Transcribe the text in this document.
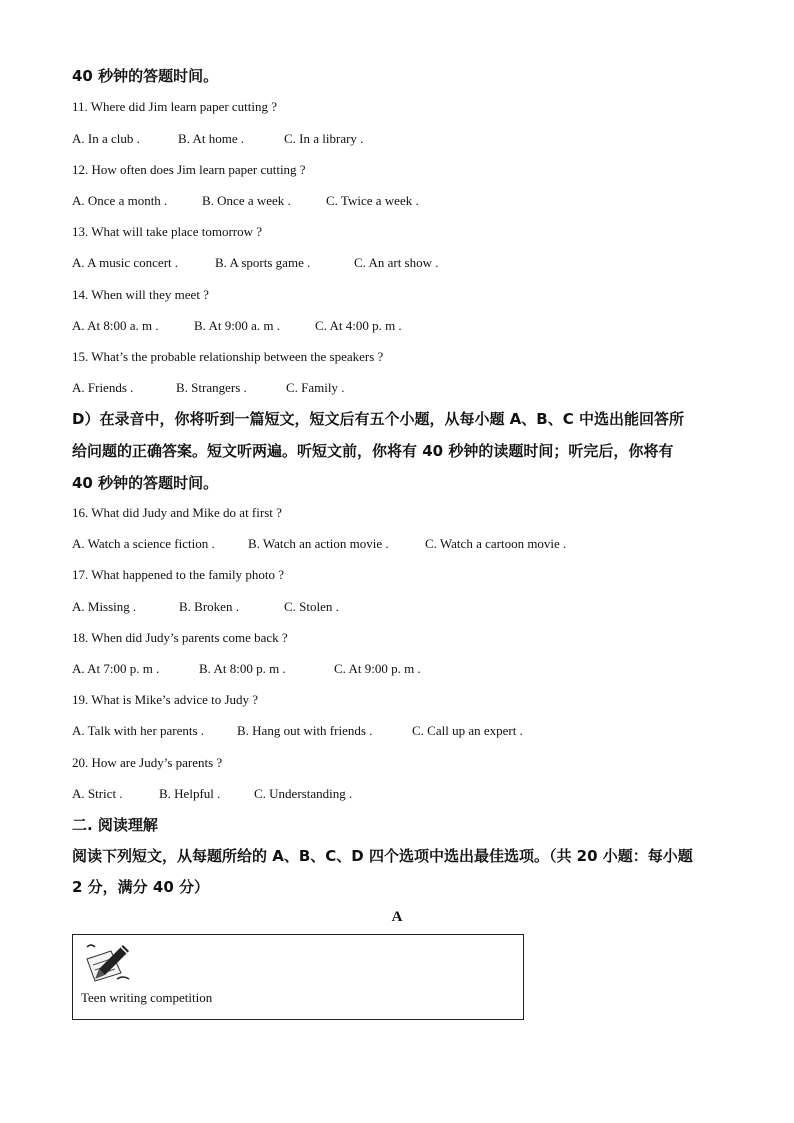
40 秒钟的答题时间。
11. Where did Jim learn paper cutting ?
A. In a club .	B. At home .	C. In a library .
12. How often does Jim learn paper cutting ?
A. Once a month .	B. Once a week .	C. Twice a week .
13. What will take place tomorrow ?
A. A music concert .	B. A sports game .	C. An art show .
14. When will they meet ?
A. At 8:00 a. m .	B. At 9:00 a. m .	C. At 4:00 p. m .
15. What’s the probable relationship between the speakers ?
A. Friends .	B. Strangers .	C. Family .
D）在录音中，你将听到一篇短文，短文后有五个小题，从每小题 A、B、C 中选出能回答所
给问题的正确答案。短文听两遍。听短文前，你将有 40 秒钟的读题时间；听完后，你将有
40 秒钟的答题时间。
16. What did Judy and Mike do at first ?
A. Watch a science fiction .	B. Watch an action movie .	C. Watch a cartoon movie .
17. What happened to the family photo ?
A. Missing .	B. Broken .	C. Stolen .
18. When did Judy’s parents come back ?
A. At 7:00 p. m .	B. At 8:00 p. m .	C. At 9:00 p. m .
19. What is Mike’s advice to Judy ?
A. Talk with her parents .	B. Hang out with friends .	C. Call up an expert .
20. How are Judy’s parents ?
A. Strict .	B. Helpful .	C. Understanding .
二. 阅读理解
阅读下列短文，从每题所给的 A、B、C、D 四个选项中选出最佳选项。（共 20 小题：每小题
2 分，满分 40 分）
A
Teen writing competition
